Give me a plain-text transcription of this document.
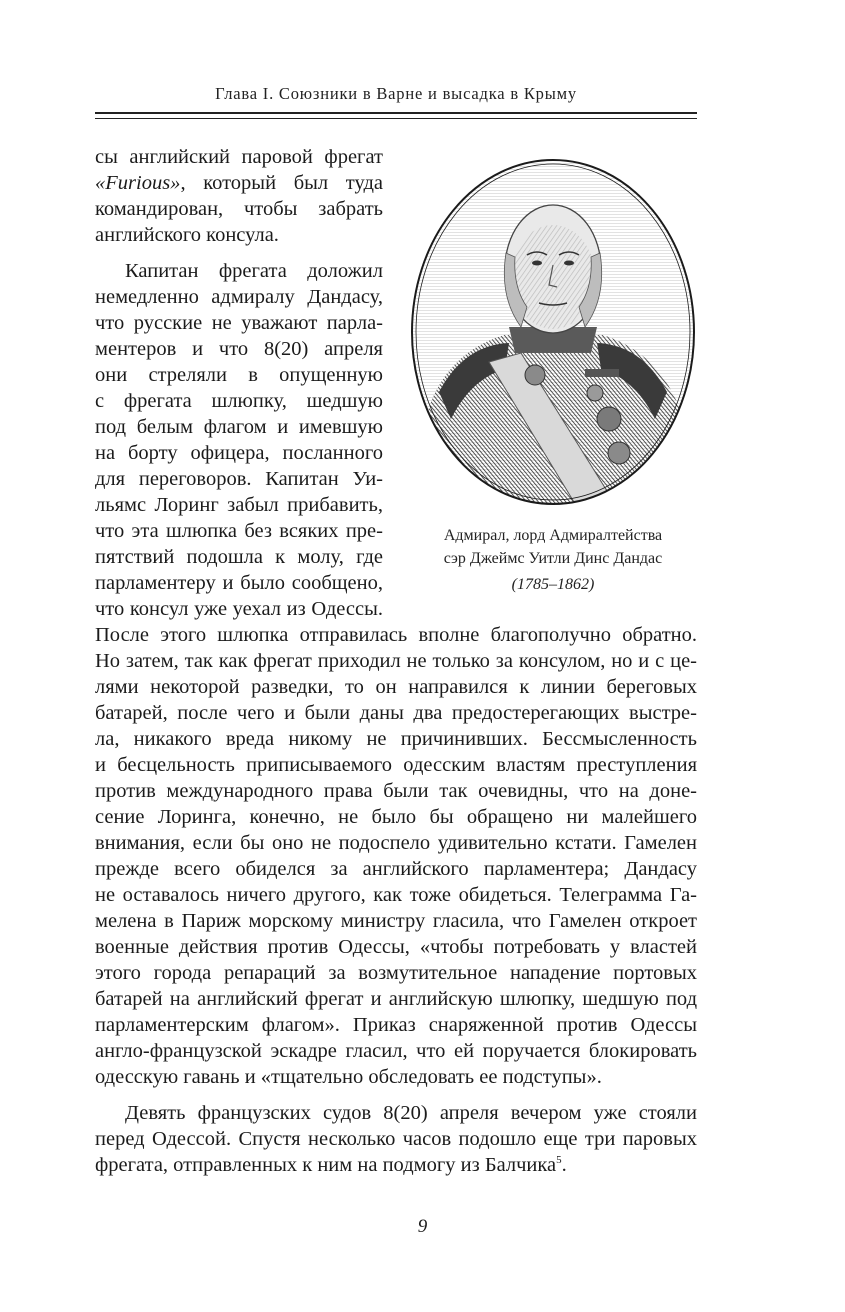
Глава I. Союзники в Варне и высадка в Крыму
сы английский паровой фрегат
«Furious», который был туда
командирован, чтобы забрать
английского консула.
Капитан фрегата доложил
немедленно адмиралу Дандасу,
что русские не уважают парла-
ментеров и что 8(20) апреля
они стреляли в опущенную
с фрегата шлюпку, шедшую
под белым флагом и имевшую
на борту офицера, посланного
для переговоров. Капитан Уи-
льямс Лоринг забыл прибавить,
что эта шлюпка без всяких пре-
пятствий подошла к молу, где
парламентеру и было сообщено,
что консул уже уехал из Одессы.
После этого шлюпка отправилась вполне благополучно обратно.
Но затем, так как фрегат приходил не только за консулом, но и с це-
лями некоторой разведки, то он направился к линии береговых
батарей, после чего и были даны два предостерегающих выстре-
ла, никакого вреда никому не причинивших. Бессмысленность
и бесцельность приписываемого одесским властям преступления
против международного права были так очевидны, что на доне-
сение Лоринга, конечно, не было бы обращено ни малейшего
внимания, если бы оно не подоспело удивительно кстати. Гамелен
прежде всего обиделся за английского парламентера; Дандасу
не оставалось ничего другого, как тоже обидеться. Телеграмма Га-
мелена в Париж морскому министру гласила, что Гамелен откроет
военные действия против Одессы, «чтобы потребовать у властей
этого города репараций за возмутительное нападение портовых
батарей на английский фрегат и английскую шлюпку, шедшую под
парламентерским флагом». Приказ снаряженной против Одессы
англо-французской эскадре гласил, что ей поручается блокировать
одесскую гавань и «тщательно обследовать ее подступы».
Девять французских судов 8(20) апреля вечером уже стояли
перед Одессой. Спустя несколько часов подошло еще три паровых
фрегата, отправленных к ним на подмогу из Балчика$^5$.
Адмирал, лорд Адмиралтейства
сэр Джеймс Уитли Динс Дандас
(1785–1862)
9
